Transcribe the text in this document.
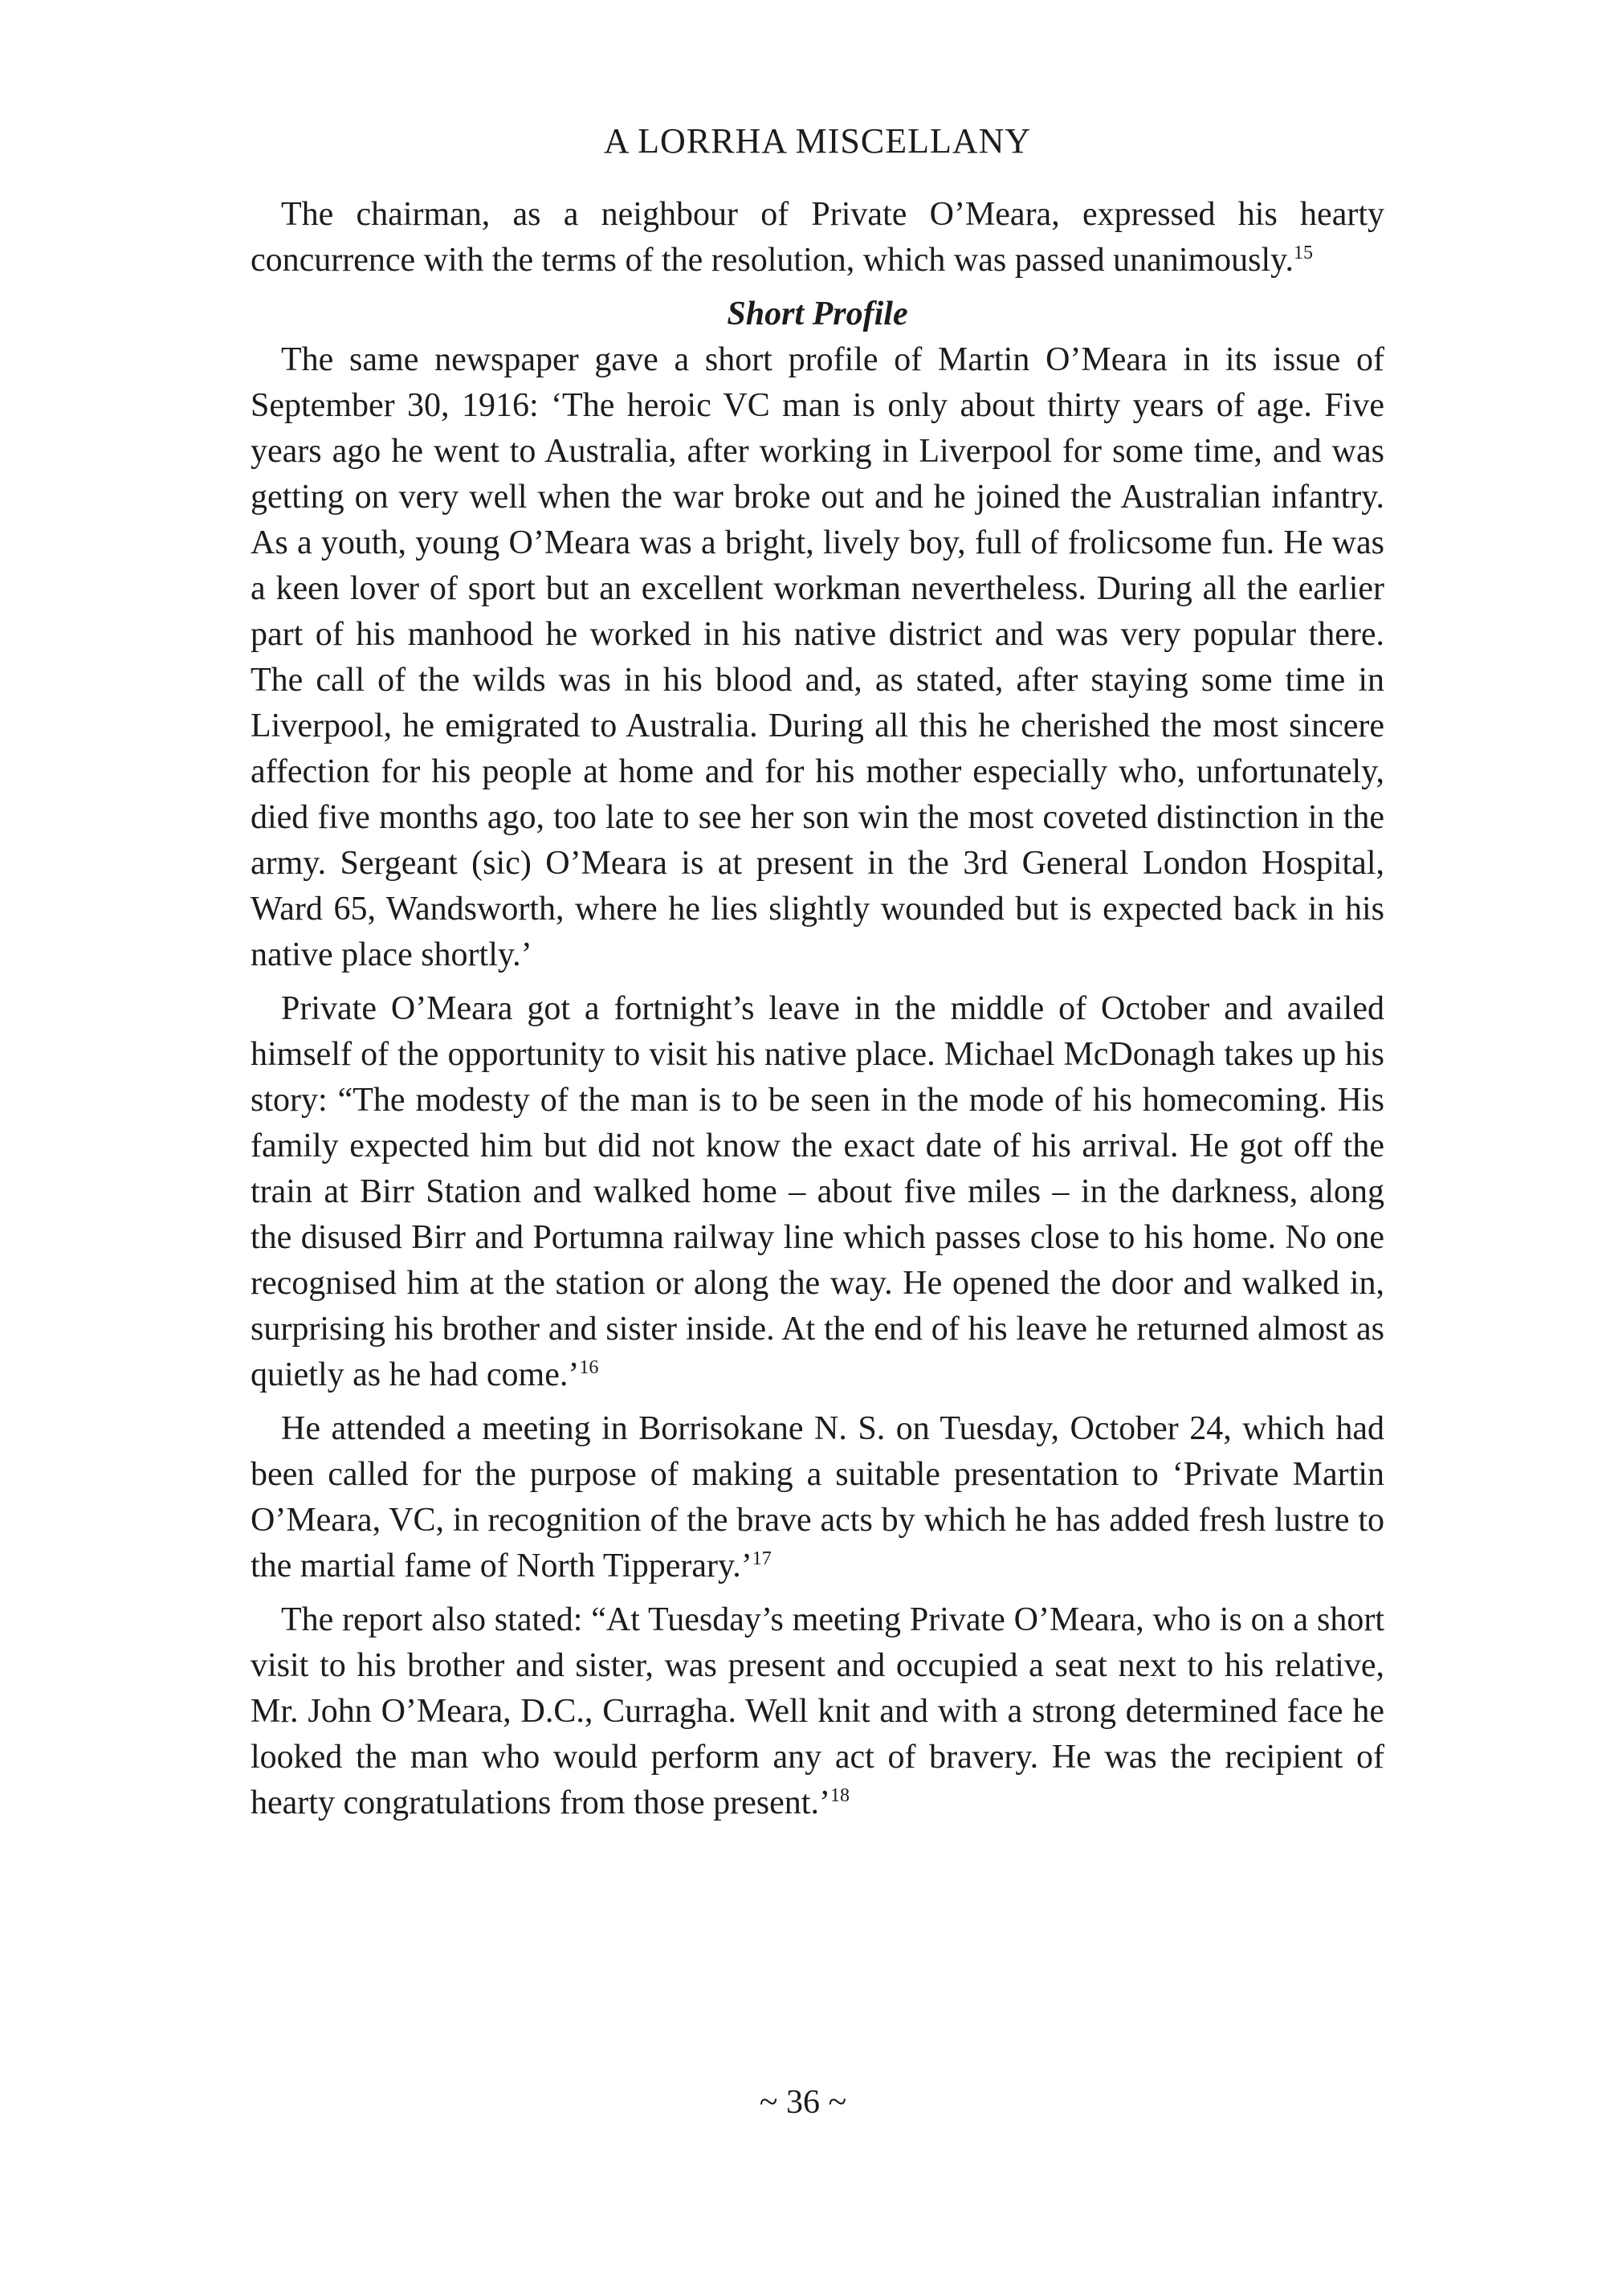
A LORRHA MISCELLANY

The chairman, as a neighbour of Private O’Meara, expressed his hearty concurrence with the terms of the resolution, which was passed unanimously.$^{15}$

Short Profile

The same newspaper gave a short profile of Martin O’Meara in its issue of September 30, 1916: ‘The heroic VC man is only about thirty years of age. Five years ago he went to Australia, after working in Liverpool for some time, and was getting on very well when the war broke out and he joined the Australian infantry. As a youth, young O’Meara was a bright, lively boy, full of frolicsome fun. He was a keen lover of sport but an excellent workman nevertheless. During all the earlier part of his manhood he worked in his native district and was very popular there. The call of the wilds was in his blood and, as stated, after staying some time in Liverpool, he emigrated to Australia. During all this he cherished the most sincere affection for his people at home and for his mother especially who, unfortunately, died five months ago, too late to see her son win the most coveted distinction in the army. Sergeant (sic) O’Meara is at present in the 3rd General London Hospital, Ward 65, Wandsworth, where he lies slightly wounded but is expected back in his native place shortly.’

Private O’Meara got a fortnight’s leave in the middle of October and availed himself of the opportunity to visit his native place. Michael McDonagh takes up his story: “The modesty of the man is to be seen in the mode of his homecoming. His family expected him but did not know the exact date of his arrival. He got off the train at Birr Station and walked home – about five miles – in the darkness, along the disused Birr and Portumna railway line which passes close to his home. No one recognised him at the station or along the way. He opened the door and walked in, surprising his brother and sister inside. At the end of his leave he returned almost as quietly as he had come.’$^{16}$

He attended a meeting in Borrisokane N. S. on Tuesday, October 24, which had been called for the purpose of making a suitable presentation to ‘Private Martin O’Meara, VC, in recognition of the brave acts by which he has added fresh lustre to the martial fame of North Tipperary.’$^{17}$

The report also stated: “At Tuesday’s meeting Private O’Meara, who is on a short visit to his brother and sister, was present and occupied a seat next to his relative, Mr. John O’Meara, D.C., Curragha. Well knit and with a strong determined face he looked the man who would perform any act of bravery. He was the recipient of hearty congratulations from those present.’$^{18}$

~ 36 ~
